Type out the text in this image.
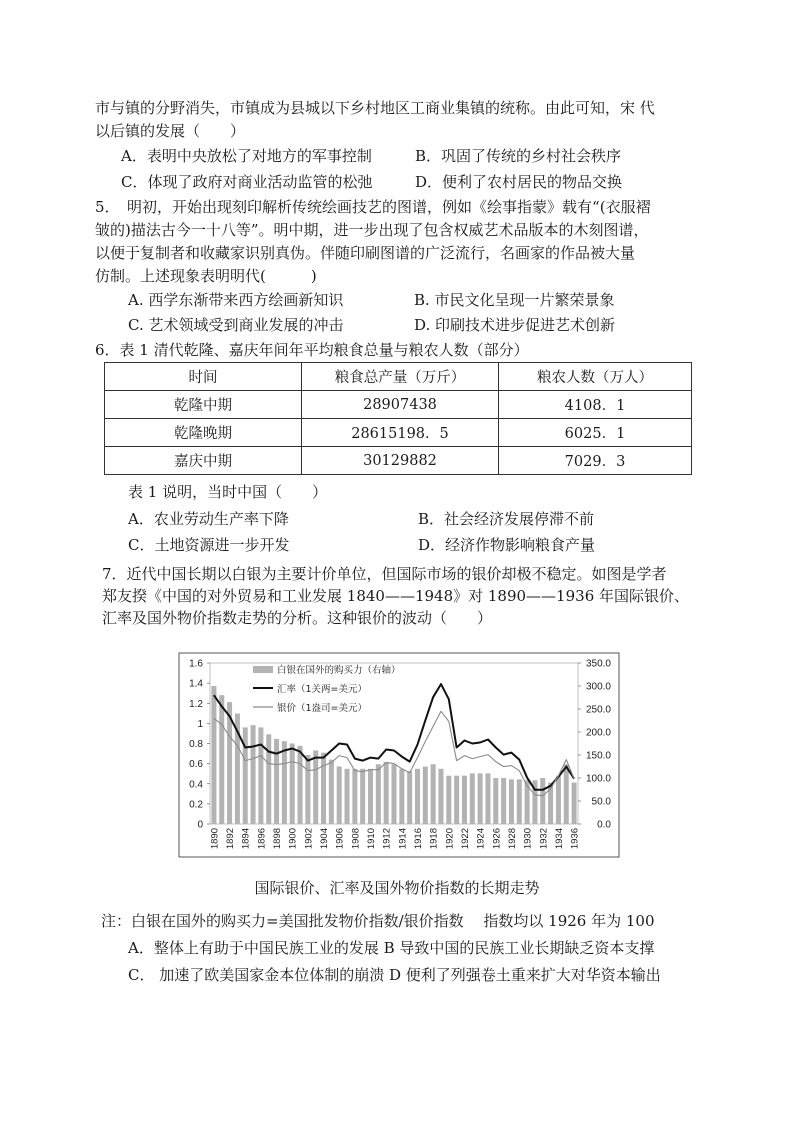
市与镇的分野消失，市镇成为县城以下乡村地区工商业集镇的统称。由此可知，宋 代
以后镇的发展（　　）
A．表明中央放松了对地方的军事控制	B．巩固了传统的乡村社会秩序
C．体现了政府对商业活动监管的松弛	D．便利了农村居民的物品交换
5．　明初，开始出现刻印解析传统绘画技艺的图谱，例如《绘事指蒙》载有“(衣服褶
皱的)描法古今一十八等”。明中期，进一步出现了包含权威艺术品版本的木刻图谱，
以便于复制者和收藏家识别真伪。伴随印刷图谱的广泛流行，名画家的作品被大量
仿制。上述现象表明明代(　　　)
A. 西学东渐带来西方绘画新知识	B. 市民文化呈现一片繁荣景象
C. 艺术领域受到商业发展的冲击	D. 印刷技术进步促进艺术创新
6．表 1 清代乾隆、嘉庆年间年平均粮食总量与粮农人数（部分）
时间	粮食总产量（万斤）	粮农人数（万人）
乾隆中期	28907438	4108．1
乾隆晚期	28615198．5	6025．1
嘉庆中期	30129882	7029．3
表 1 说明，当时中国（　　）
A．农业劳动生产率下降	B．社会经济发展停滞不前
C．土地资源进一步开发	D．经济作物影响粮食产量
7．近代中国长期以白银为主要计价单位，但国际市场的银价却极不稳定。如图是学者
郑友揆《中国的对外贸易和工业发展 1840——1948》对 1890——1936 年国际银价、
汇率及国外物价指数走势的分析。这种银价的波动（　　）
0
0.2
0.4
0.6
0.8
1
1.2
1.4
1.6
0.0
50.0
100.0
150.0
200.0
250.0
300.0
350.0
1890 1892 1894 1896 1898 1900 1902 1904 1906 1908 1910 1912 1914 1916 1918 1920 1922 1924 1926 1928 1930 1932 1934 1936
白银在国外的购买力（右轴）
汇率（1关两=美元）
银价（1盎司=美元）
国际银价、汇率及国外物价指数的长期走势
注：白银在国外的购买力=美国批发物价指数/银价指数　 指数均以 1926 年为 100
A．整体上有助于中国民族工业的发展 B 导致中国的民族工业长期缺乏资本支撑
C． 加速了欧美国家金本位体制的崩溃 D 便利了列强卷土重来扩大对华资本输出
